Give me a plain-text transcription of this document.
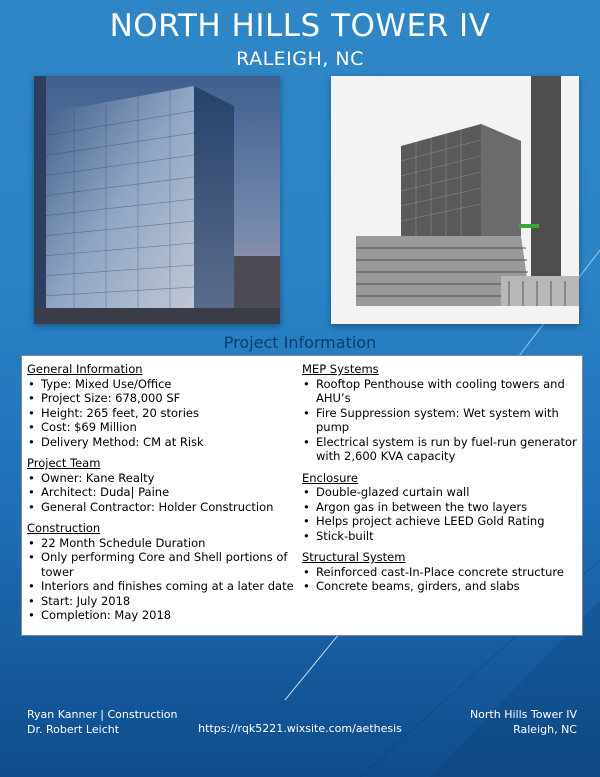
NORTH HILLS TOWER IV
RALEIGH, NC
Project Information
General Information
• Type: Mixed Use/Office
• Project Size: 678,000 SF
• Height: 265 feet, 20 stories
• Cost: $69 Million
• Delivery Method: CM at Risk
Project Team
• Owner: Kane Realty
• Architect: Duda| Paine
• General Contractor: Holder Construction
Construction
• 22 Month Schedule Duration
• Only performing Core and Shell portions of tower
• Interiors and finishes coming at a later date
• Start: July 2018
• Completion: May 2018
MEP Systems
• Rooftop Penthouse with cooling towers and AHU’s
• Fire Suppression system: Wet system with pump
• Electrical system is run by fuel-run generator with 2,600 KVA capacity
Enclosure
• Double-glazed curtain wall
• Argon gas in between the two layers
• Helps project achieve LEED Gold Rating
• Stick-built
Structural System
• Reinforced cast-In-Place concrete structure
• Concrete beams, girders, and slabs
Ryan Kanner | Construction
Dr. Robert Leicht	https://rqk5221.wixsite.com/aethesis
North Hills Tower IV
Raleigh, NC
